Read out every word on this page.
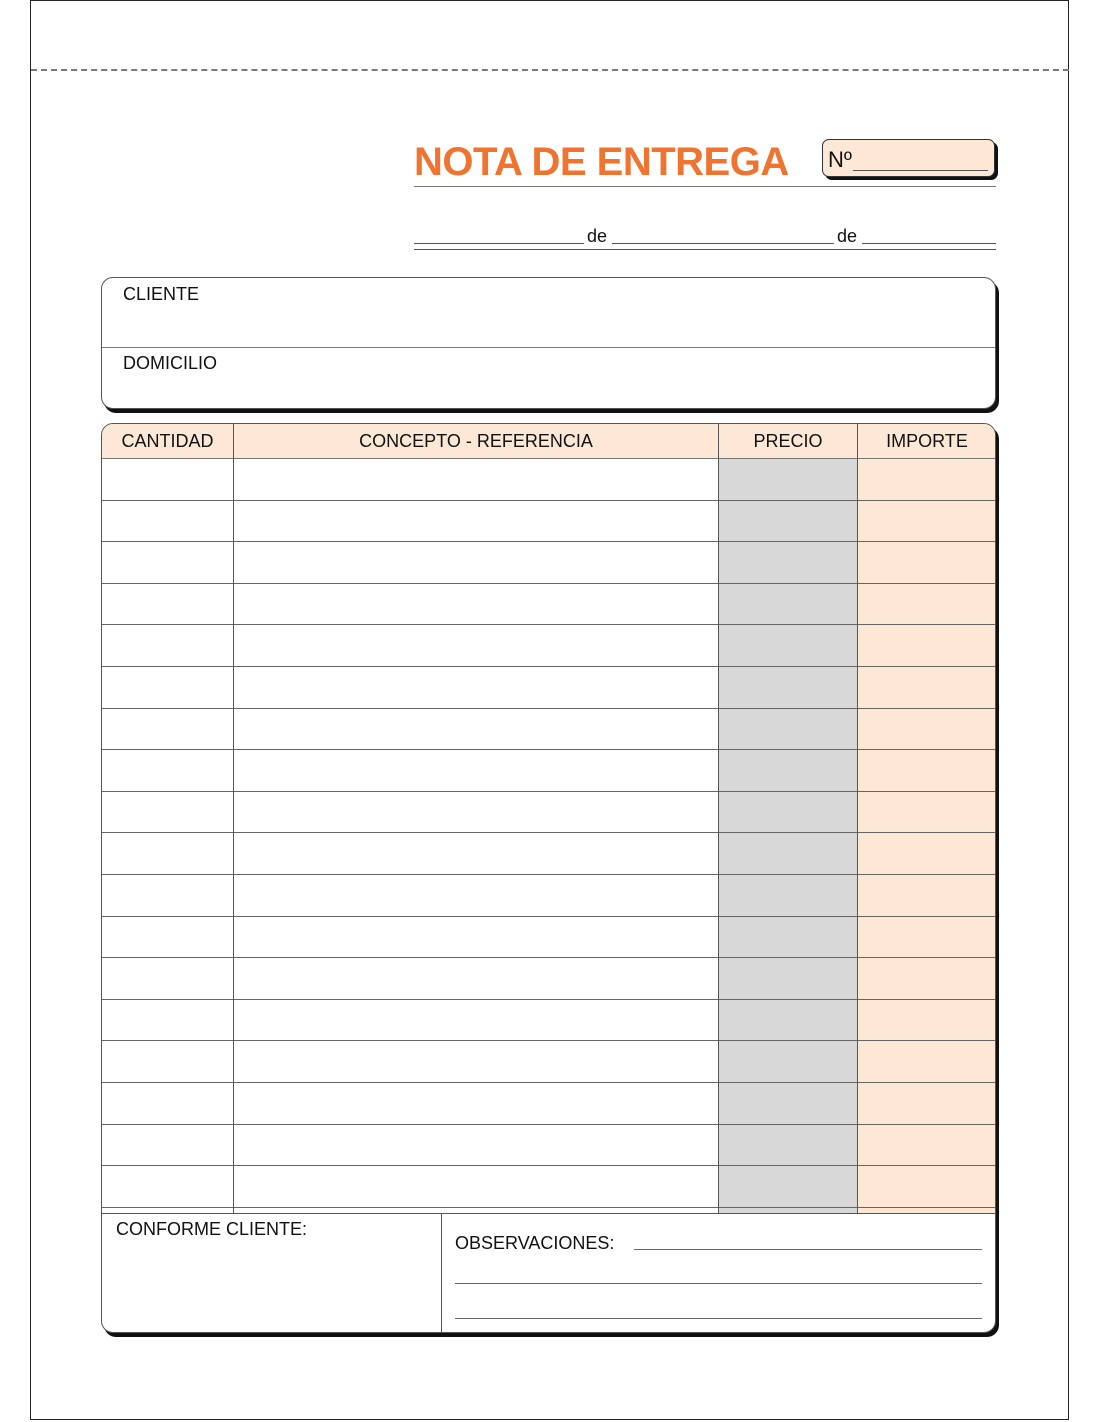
NOTA DE ENTREGA Nº
de	de
CLIENTE
DOMICILIO
CANTIDAD	CONCEPTO - REFERENCIA	PRECIO	IMPORTE
CONFORME CLIENTE:
OBSERVACIONES:
